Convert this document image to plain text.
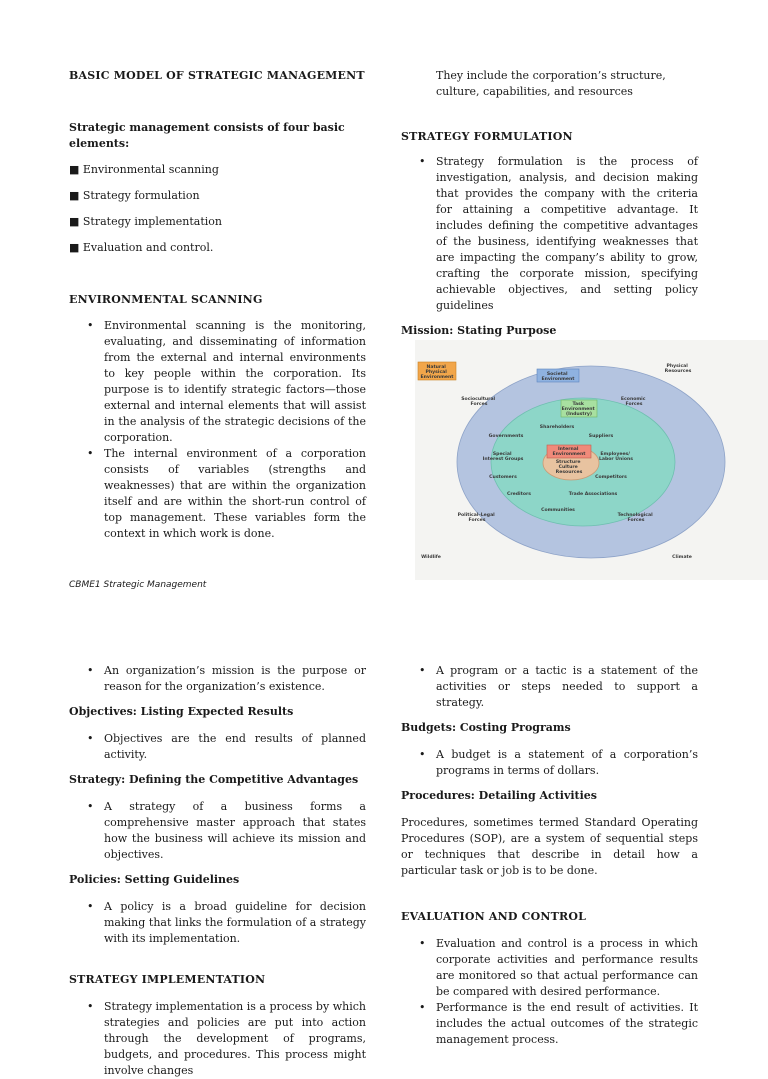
BASIC MODEL OF STRATEGIC MANAGEMENT

Strategic management consists of four basic elements:

■ Environmental scanning
■ Strategy formulation
■ Strategy implementation
■ Evaluation and control.

ENVIRONMENTAL SCANNING

• Environmental scanning is the monitoring, evaluating, and disseminating of information from the external and internal environments to key people within the corporation. Its purpose is to identify strategic factors—those external and internal elements that will assist in the analysis of the strategic decisions of the corporation.
• The internal environment of a corporation consists of variables (strengths and weaknesses) that are within the organization itself and are within the short-run control of top management. These variables form the context in which work is done.

CBME1 Strategic Management

They include the corporation’s structure, culture, capabilities, and resources

STRATEGY FORMULATION

• Strategy formulation is the process of investigation, analysis, and decision making that provides the company with the criteria for attaining a competitive advantage. It includes defining the competitive advantages of the business, identifying weaknesses that are impacting the company’s ability to grow, crafting the corporate mission, specifying achievable objectives, and setting policy guidelines

Mission: Stating Purpose

Natural Physical Environment
Physical Resources
Societal Environment
Sociocultural Forces
Economic Forces
Task Environment (Industry)
Shareholders
Governments	Suppliers
Internal Environment
Structure Culture Resources
Special Interest Groups
Employees/ Labor Unions
Customers	Competitors
Creditors	Trade Associations
Communities
Political–Legal Forces
Technological Forces
Wildlife	Climate
• An organization’s mission is the purpose or reason for the organization’s existence.

Objectives: Listing Expected Results

• Objectives are the end results of planned activity.

Strategy: Defining the Competitive Advantages

• A strategy of a business forms a comprehensive master approach that states how the business will achieve its mission and objectives.

Policies: Setting Guidelines

• A policy is a broad guideline for decision making that links the formulation of a strategy with its implementation.

STRATEGY IMPLEMENTATION

• Strategy implementation is a process by which strategies and policies are put into action through the development of programs, budgets, and procedures. This process might involve changes
• A program or a tactic is a statement of the activities or steps needed to support a strategy.

Budgets: Costing Programs

• A budget is a statement of a corporation’s programs in terms of dollars.

Procedures: Detailing Activities

Procedures, sometimes termed Standard Operating Procedures (SOP), are a system of sequential steps or techniques that describe in detail how a particular task or job is to be done.

EVALUATION AND CONTROL

• Evaluation and control is a process in which corporate activities and performance results are monitored so that actual performance can be compared with desired performance.
• Performance is the end result of activities. It includes the actual outcomes of the strategic management process.
